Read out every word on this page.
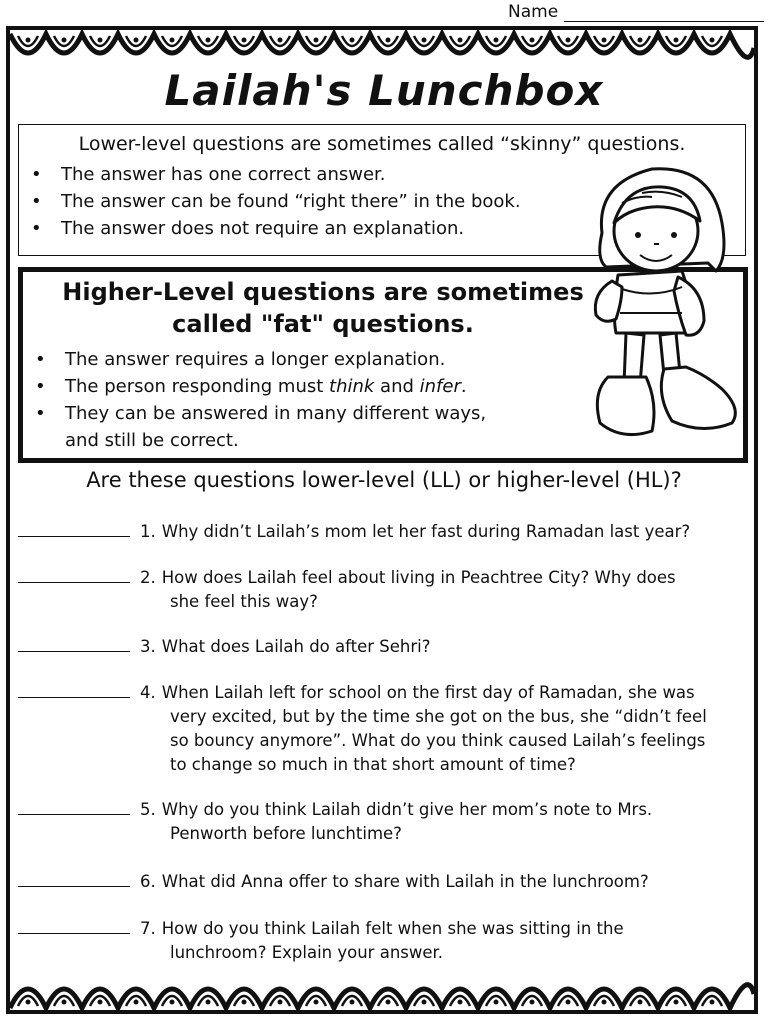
Name
Lailah's Lunchbox
Lower-level questions are sometimes called “skinny” questions.
• The answer has one correct answer.
• The answer can be found “right there” in the book.
• The answer does not require an explanation.
Higher-Level questions are sometimes
called "fat" questions.
• The answer requires a longer explanation.
• The person responding must think and infer.
• They can be answered in many different ways,
and still be correct.
Are these questions lower-level (LL) or higher-level (HL)?
1. Why didn’t Lailah’s mom let her fast during Ramadan last year?
2. How does Lailah feel about living in Peachtree City? Why does
she feel this way?
3. What does Lailah do after Sehri?
4. When Lailah left for school on the first day of Ramadan, she was
very excited, but by the time she got on the bus, she “didn’t feel
so bouncy anymore”. What do you think caused Lailah’s feelings
to change so much in that short amount of time?
5. Why do you think Lailah didn’t give her mom’s note to Mrs.
Penworth before lunchtime?
6. What did Anna offer to share with Lailah in the lunchroom?
7. How do you think Lailah felt when she was sitting in the
lunchroom? Explain your answer.
